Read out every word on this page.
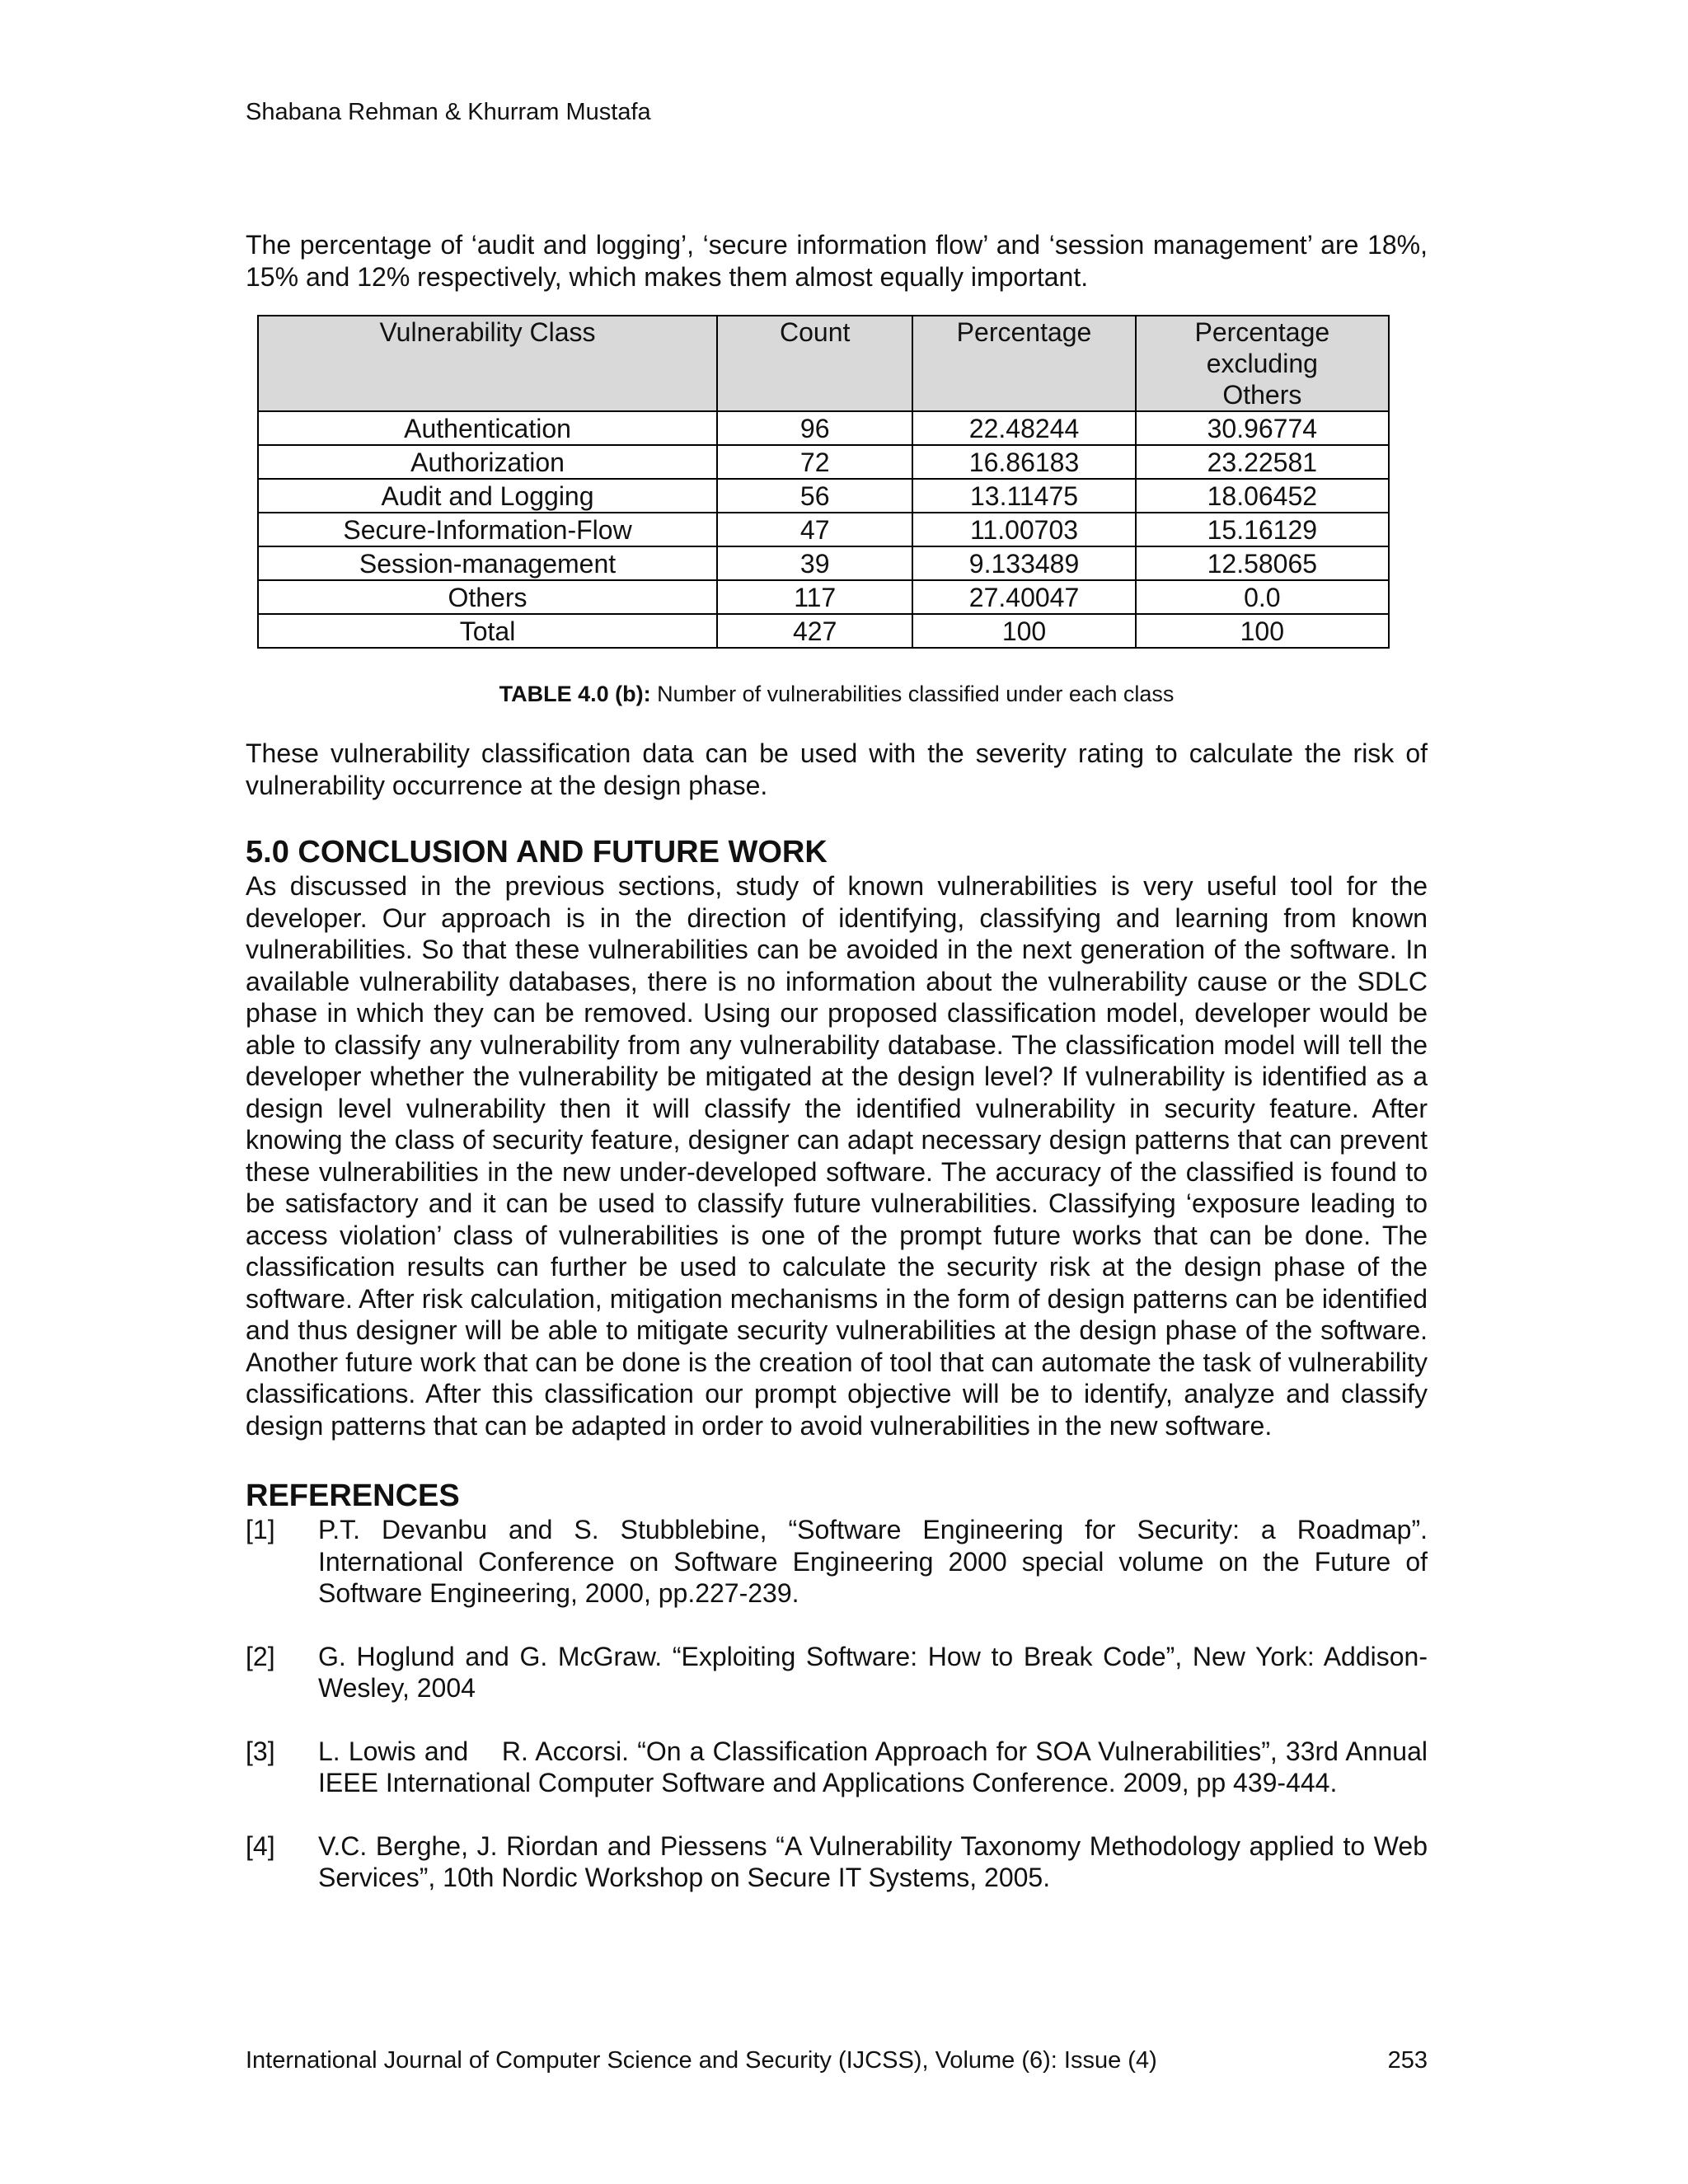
Shabana Rehman & Khurram Mustafa

The percentage of ‘audit and logging’, ‘secure information flow’ and ‘session management’ are 18%, 15% and 12% respectively, which makes them almost equally important.

Vulnerability Class	Count	Percentage	Percentage excluding Others
Authentication	96	22.48244	30.96774
Authorization	72	16.86183	23.22581
Audit and Logging	56	13.11475	18.06452
Secure-Information-Flow	47	11.00703	15.16129
Session-management	39	9.133489	12.58065
Others	117	27.40047	0.0
Total	427	100	100
TABLE 4.0 (b): Number of vulnerabilities classified under each class

These vulnerability classification data can be used with the severity rating to calculate the risk of vulnerability occurrence at the design phase.

5.0 CONCLUSION AND FUTURE WORK

As discussed in the previous sections, study of known vulnerabilities is very useful tool for the developer. Our approach is in the direction of identifying, classifying and learning from known vulnerabilities. So that these vulnerabilities can be avoided in the next generation of the software. In available vulnerability databases, there is no information about the vulnerability cause or the SDLC phase in which they can be removed. Using our proposed classification model, developer would be able to classify any vulnerability from any vulnerability database. The classification model will tell the developer whether the vulnerability be mitigated at the design level? If vulnerability is identified as a design level vulnerability then it will classify the identified vulnerability in security feature. After knowing the class of security feature, designer can adapt necessary design patterns that can prevent these vulnerabilities in the new under-developed software. The accuracy of the classified is found to be satisfactory and it can be used to classify future vulnerabilities. Classifying ‘exposure leading to access violation’ class of vulnerabilities is one of the prompt future works that can be done. The classification results can further be used to calculate the security risk at the design phase of the software. After risk calculation, mitigation mechanisms in the form of design patterns can be identified and thus designer will be able to mitigate security vulnerabilities at the design phase of the software. Another future work that can be done is the creation of tool that can automate the task of vulnerability classifications. After this classification our prompt objective will be to identify, analyze and classify design patterns that can be adapted in order to avoid vulnerabilities in the new software.

REFERENCES
[1]	P.T. Devanbu and S. Stubblebine, “Software Engineering for Security: a Roadmap”. International Conference on Software Engineering 2000 special volume on the Future of Software Engineering, 2000, pp.227-239.
[2]	G. Hoglund and G. McGraw. “Exploiting Software: How to Break Code”, New York: Addison-Wesley, 2004
[3]	L. Lowis and    R. Accorsi. “On a Classification Approach for SOA Vulnerabilities”, 33rd Annual IEEE International Computer Software and Applications Conference. 2009, pp 439-444.
[4]	V.C. Berghe, J. Riordan and Piessens “A Vulnerability Taxonomy Methodology applied to Web Services”, 10th Nordic Workshop on Secure IT Systems, 2005.
International Journal of Computer Science and Security (IJCSS), Volume (6): Issue (4)	253
